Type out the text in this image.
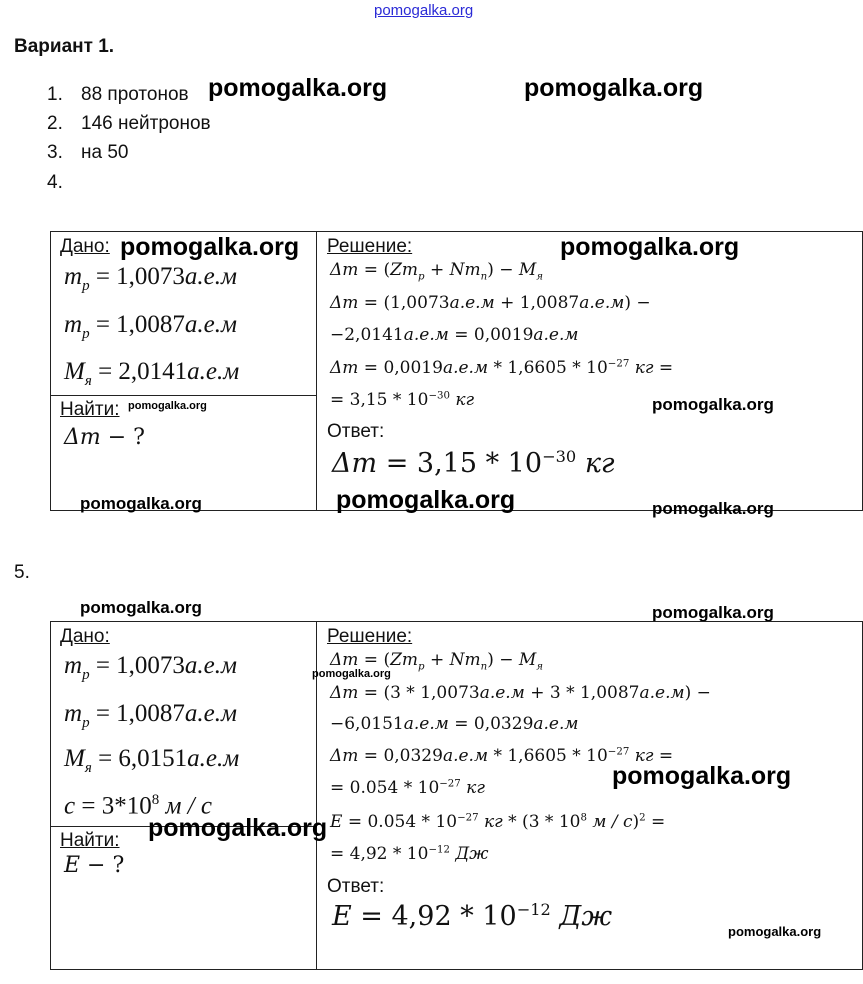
pomogalka.org
Вариант 1.
1. 88 протонов
2. 146 нейтронов
3. на 50
4.
pomogalka.org	pomogalka.org
Дано:
$m_p = 1,0073а.е.м$
$m_p = 1,0087а.е.м$
$M_я = 2,0141а.е.м$
Найти:
Δm − ?
Решение:
$\Delta m = (Zm_p + Nm_n) - M_я$
Δm = (1,0073а.е.м + 1,0087а.е.м) −
−2,0141а.е.м = 0,0019а.е.м
$\Delta m = 0,0019а.е.м * 1,6605 * 10^{-27}$ кг =
= $3,15 * 10^{-30}$ кг
Ответ:
$\Delta m = 3,15 * 10^{-30}$ кг
pomogalka.org	pomogalka.org
pomogalka.org	pomogalka.org
pomogalka.org	pomogalka.org	pomogalka.org
5.
pomogalka.org	pomogalka.org
Дано:
$m_p = 1,0073а.е.м$
$m_p = 1,0087а.е.м$
$M_я = 6,0151а.е.м$
$c = 3*10^8$ м / c
Найти:
E − ?
Решение:
$\Delta m = (Zm_p + Nm_n) - M_я$
Δm = (3 * 1,0073а.е.м + 3 * 1,0087а.е.м) −
−6,0151а.е.м = 0,0329а.е.м
$\Delta m = 0,0329а.е.м * 1,6605 * 10^{-27}$ кг =
= $0.054 * 10^{-27}$ кг
$E = 0.054 * 10^{-27}$ кг * ($3 * 10^8$ м / c)$^2$ =
= $4,92 * 10^{-12}$ Дж
Ответ:
$E = 4,92 * 10^{-12}$ Дж
pomogalka.org
pomogalka.org
pomogalka.org
pomogalka.org
